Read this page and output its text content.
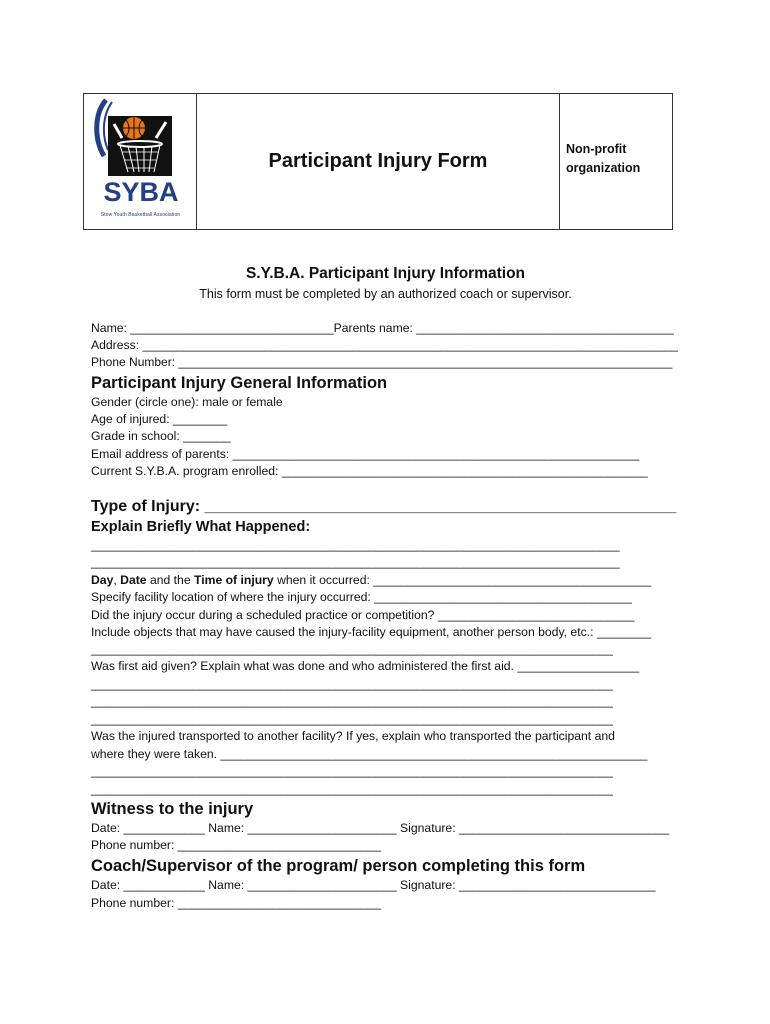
SYBA
Stow Youth Basketball Association
Participant Injury Form
Non-profit
organization
S.Y.B.A. Participant Injury Information
This form must be completed by an authorized coach or supervisor.
Name: ______________________________Parents name: ______________________________________
Address: _______________________________________________________________________________
Phone Number: __________________________________________________________________________
Participant Injury General Information
Gender (circle one): male or female
Age of injured: ________
Grade in school: _______
Email address of parents: ____________________________________________________________
Current S.Y.B.A. program enrolled: ______________________________________________________
Type of Injury: _____________________________________________________
Explain Briefly What Happened:
______________________________________________________________________________
______________________________________________________________________________
Day, Date and the Time of injury when it occurred: _________________________________________
Specify facility location of where the injury occurred: ______________________________________
Did the injury occur during a scheduled practice or competition? _____________________________
Include objects that may have caused the injury-facility equipment, another person body, etc.: ________
_____________________________________________________________________________
Was first aid given? Explain what was done and who administered the first aid. __________________
_____________________________________________________________________________
_____________________________________________________________________________
_____________________________________________________________________________
Was the injured transported to another facility? If yes, explain who transported the participant and
where they were taken. _______________________________________________________________
_____________________________________________________________________________
_____________________________________________________________________________
Witness to the injury
Date: ____________ Name: ______________________ Signature: _______________________________
Phone number: ______________________________
Coach/Supervisor of the program/ person completing this form
Date: ____________ Name: ______________________ Signature: _____________________________
Phone number: ______________________________
